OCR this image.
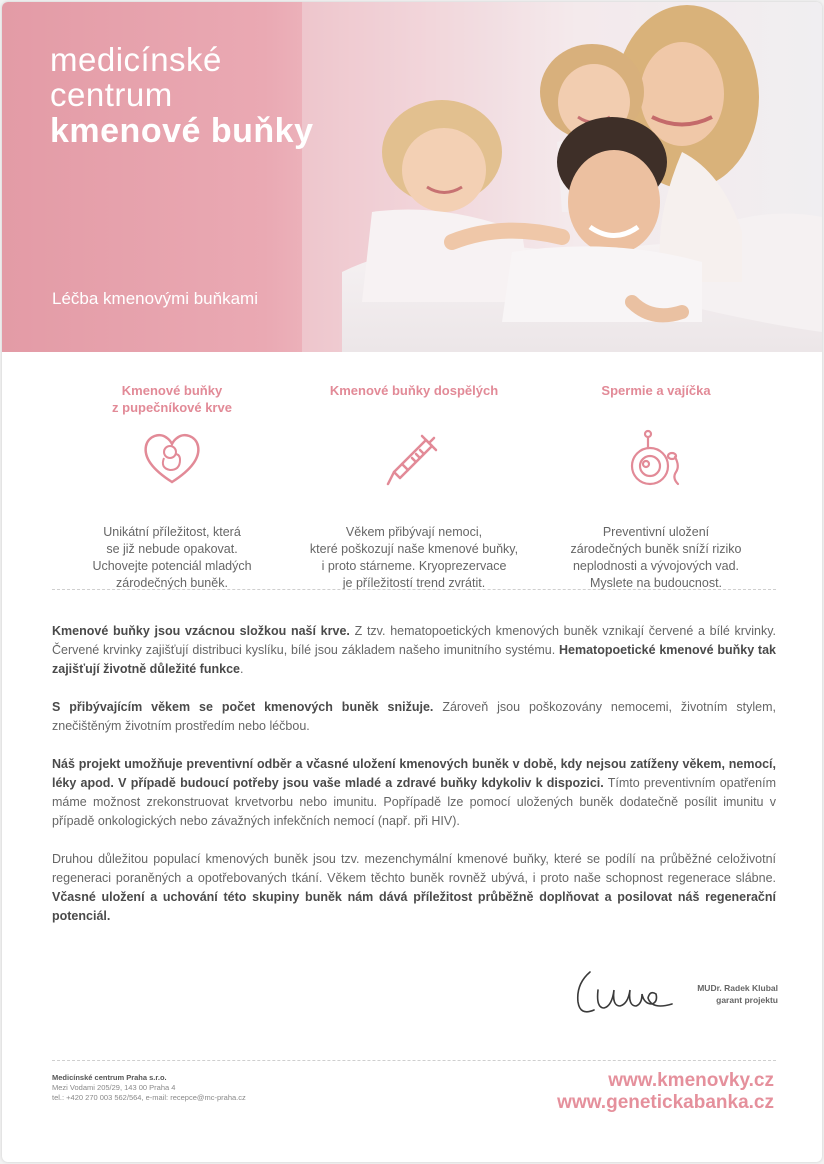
medicínské
centrum
kmenové buňky
Léčba kmenovými buňkami
Kmenové buňky
z pupečníkové krve
Unikátní příležitost, která
se již nebude opakovat.
Uchovejte potenciál mladých
zárodečných buněk.
Kmenové buňky dospělých
Věkem přibývají nemoci,
které poškozují naše kmenové buňky,
i proto stárneme. Kryoprezervace
je příležitostí trend zvrátit.
Spermie a vajíčka
Preventivní uložení
zárodečných buněk sníží riziko
neplodnosti a vývojových vad.
Myslete na budoucnost.

Kmenové buňky jsou vzácnou složkou naší krve. Z tzv. hematopoetických kmenových buněk vznikají červené a bílé krvinky. Červené krvinky zajišťují distribuci kyslíku, bílé jsou základem našeho imunitního systému. Hematopoetické kmenové buňky tak zajišťují životně důležité funkce.

S přibývajícím věkem se počet kmenových buněk snižuje. Zároveň jsou poškozovány nemocemi, životním stylem, znečištěným životním prostředím nebo léčbou.

Náš projekt umožňuje preventivní odběr a včasné uložení kmenových buněk v době, kdy nejsou zatíženy věkem, nemocí, léky apod. V případě budoucí potřeby jsou vaše mladé a zdravé buňky kdykoliv k dispozici. Tímto preventivním opatřením máme možnost zrekonstruovat krvetvorbu nebo imunitu. Popřípadě lze pomocí uložených buněk dodatečně posílit imunitu v případě onkologických nebo závažných infekčních nemocí (např. při HIV).

Druhou důležitou populací kmenových buněk jsou tzv. mezenchymální kmenové buňky, které se podílí na průběžné celoživotní regeneraci poraněných a opotřebovaných tkání. Věkem těchto buněk rovněž ubývá, i proto naše schopnost regenerace slábne. Včasné uložení a uchování této skupiny buněk nám dává příležitost průběžně doplňovat a posilovat náš regenerační potenciál.

MUDr. Radek Klubal
garant projektu
Medicínské centrum Praha s.r.o.
Mezi Vodami 205/29, 143 00 Praha 4
tel.: +420 270 003 562/564, e-mail: recepce@mc-praha.cz
www.kmenovky.cz
www.genetickabanka.cz
